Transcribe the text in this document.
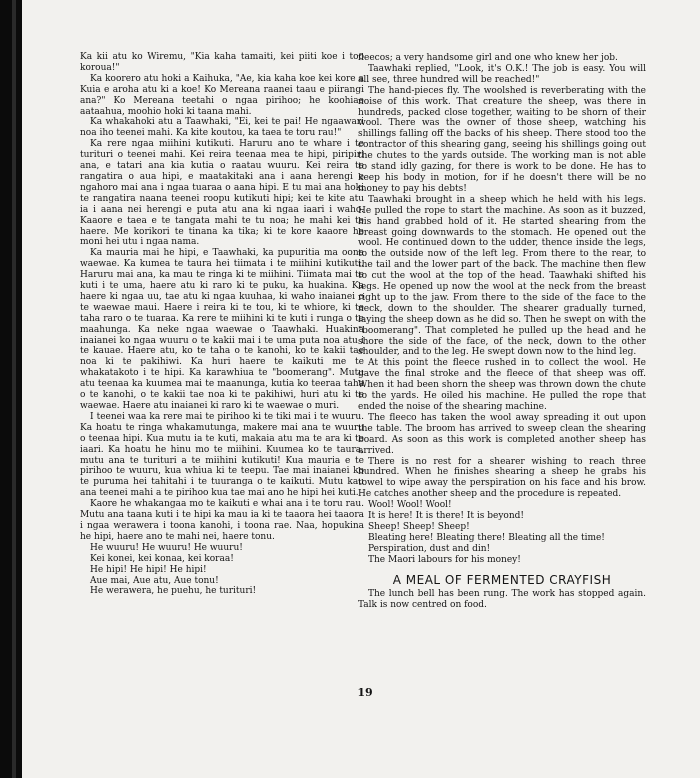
Ka kii atu ko Wiremu, "Kia kaha tamaiti, kei piiti koe i too koroua!"

Ka koorero atu hoki a Kaihuka, "Ae, kia kaha koe kei kore a Kuia e aroha atu ki a koe! Ko Mereana raanei taau e piirangi ana?" Ko Mereana teetahi o ngaa pirihoo; he koohiae aataahua, moohio hoki ki taana mahi.

Ka whakahoki atu a Taawhaki, "Ei, kei te pai! He ngaawari noa iho teenei mahi. Ka kite koutou, ka taea te toru rau!"

Ka rere ngaa miihini kutikuti. Haruru ano te whare i te turituri o teenei mahi. Kei reira teenaa mea te hipi, piripiri ana, e tatari ana kia kutia o raatau wuuru. Kei reira te rangatira o aua hipi, e maatakitaki ana i aana herengi e ngahoro mai ana i ngaa tuaraa o aana hipi. E tu mai ana hoki te rangatira naana teenei roopu kutikuti hipi; kei te kite atu ia i aana nei herengi e puta atu ana ki ngaa iaari i waho. Kaaore e taea e te tangata mahi te tu noa; he mahi kei te haere. Me korikori te tinana ka tika; ki te kore kaaore he moni hei utu i ngaa nama.

Ka mauria mai he hipi, e Taawhaki, ka pupuritia ma oona waewae. Ka kumea te taura hei tiimata i te miihini kutikuti. Haruru mai ana, ka mau te ringa ki te miihini. Tiimata mai te kuti i te uma, haere atu ki raro ki te puku, ka huakina. Ka haere ki ngaa uu, tae atu ki ngaa kuuhaa, ki waho inaianei o te waewae maui. Haere i reira ki te tou, ki te whiore, ki te taha raro o te tuaraa. Ka rere te miihini ki te kuti i runga o te maahunga. Ka neke ngaa waewae o Taawhaki. Huakina inaianei ko ngaa wuuru o te kakii mai i te uma puta noa atu i te kauae. Haere atu, ko te taha o te kanohi, ko te kakii tae noa ki te pakihiwi. Ka huri haere te kaikuti me te whakatakoto i te hipi. Ka karawhiua te "boomerang". Mutu atu teenaa ka kuumea mai te maanunga, kutia ko teeraa taha o te kanohi, o te kakii tae noa ki te pakihiwi, huri atu ki te waewae. Haere atu inaianei ki raro ki te waewae o muri.

I teenei waa ka rere mai te pirihoo ki te tiki mai i te wuuru. Ka hoatu te ringa whakamutunga, makere mai ana te wuuru o teenaa hipi. Kua mutu ia te kuti, makaia atu ma te ara ki te iaari. Ka hoatu he hinu mo te miihini. Kuumea ko te taura, mutu ana te turituri a te miihini kutikuti! Kua mauria e te pirihoo te wuuru, kua whiua ki te teepu. Tae mai inaianei ko te puruma hei tahitahi i te tuuranga o te kaikuti. Mutu kau ana teenei mahi a te pirihoo kua tae mai ano he hipi hei kuti.

Kaore he whakangaa mo te kaikuti e whai ana i te toru rau. Mutu ana taana kuti i te hipi ka mau ia ki te taaora hei taaora i ngaa werawera i toona kanohi, i toona rae. Naa, hopukina he hipi, haere ano te mahi nei, haere tonu.

He wuuru! He wuuru! He wuuru!

Kei konei, kei konaa, kei koraa!

He hipi! He hipi! He hipi!

Aue mai, Aue atu, Aue tonu!

He werawera, he puehu, he turituri!

fleecos; a very handsome girl and one who knew her job.

Taawhaki replied, "Look, it's O.K.! The job is easy. You will all see, three hundred will be reached!"

The hand-pieces fly. The woolshed is reverberating with the noise of this work. That creature the sheep, was there in hundreds, packed close together, waiting to be shorn of their wool. There was the owner of those sheep, watching his shillings falling off the backs of his sheep. There stood too the contractor of this shearing gang, seeing his shillings going out the chutes to the yards outside. The working man is not able to stand idly gazing, for there is work to be done. He has to keep his body in motion, for if he doesn't there will be no money to pay his debts!

Taawhaki brought in a sheep which he held with his legs. He pulled the rope to start the machine. As soon as it buzzed, his hand grabbed hold of it. He started shearing from the breast going downwards to the stomach. He opened out the wool. He continued down to the udder, thence inside the legs, to the outside now of the left leg. From there to the rear, to the tail and the lower part of the back. The machine then flew to cut the wool at the top of the head. Taawhaki shifted his legs. He opened up now the wool at the neck from the breast right up to the jaw. From there to the side of the face to the neck, down to the shoulder. The shearer gradually turned, laying the sheep down as he did so. Then he swept on with the "boomerang". That completed he pulled up the head and he shore the side of the face, of the neck, down to the other shoulder, and to the leg. He swept down now to the hind leg.

At this point the fleece rushed in to collect the wool. He gave the final stroke and the fleece of that sheep was off. When it had been shorn the sheep was thrown down the chute to the yards. He oiled his machine. He pulled the rope that ended the noise of the shearing machine.

The fleeco has taken the wool away spreading it out upon the table. The broom has arrived to sweep clean the shearing board. As soon as this work is completed another sheep has arrived.

There is no rest for a shearer wishing to reach three hundred. When he finishes shearing a sheep he grabs his towel to wipe away the perspiration on his face and his brow. He catches another sheep and the procedure is repeated.

Wool! Wool! Wool!

It is here! It is there! It is beyond!

Sheep! Sheep! Sheep!

Bleating here! Bleating there! Bleating all the time!

Perspiration, dust and din!

The Maori labours for his money!

A MEAL OF FERMENTED CRAYFISH

The lunch bell has been rung. The work has stopped again. Talk is now centred on food.

19
